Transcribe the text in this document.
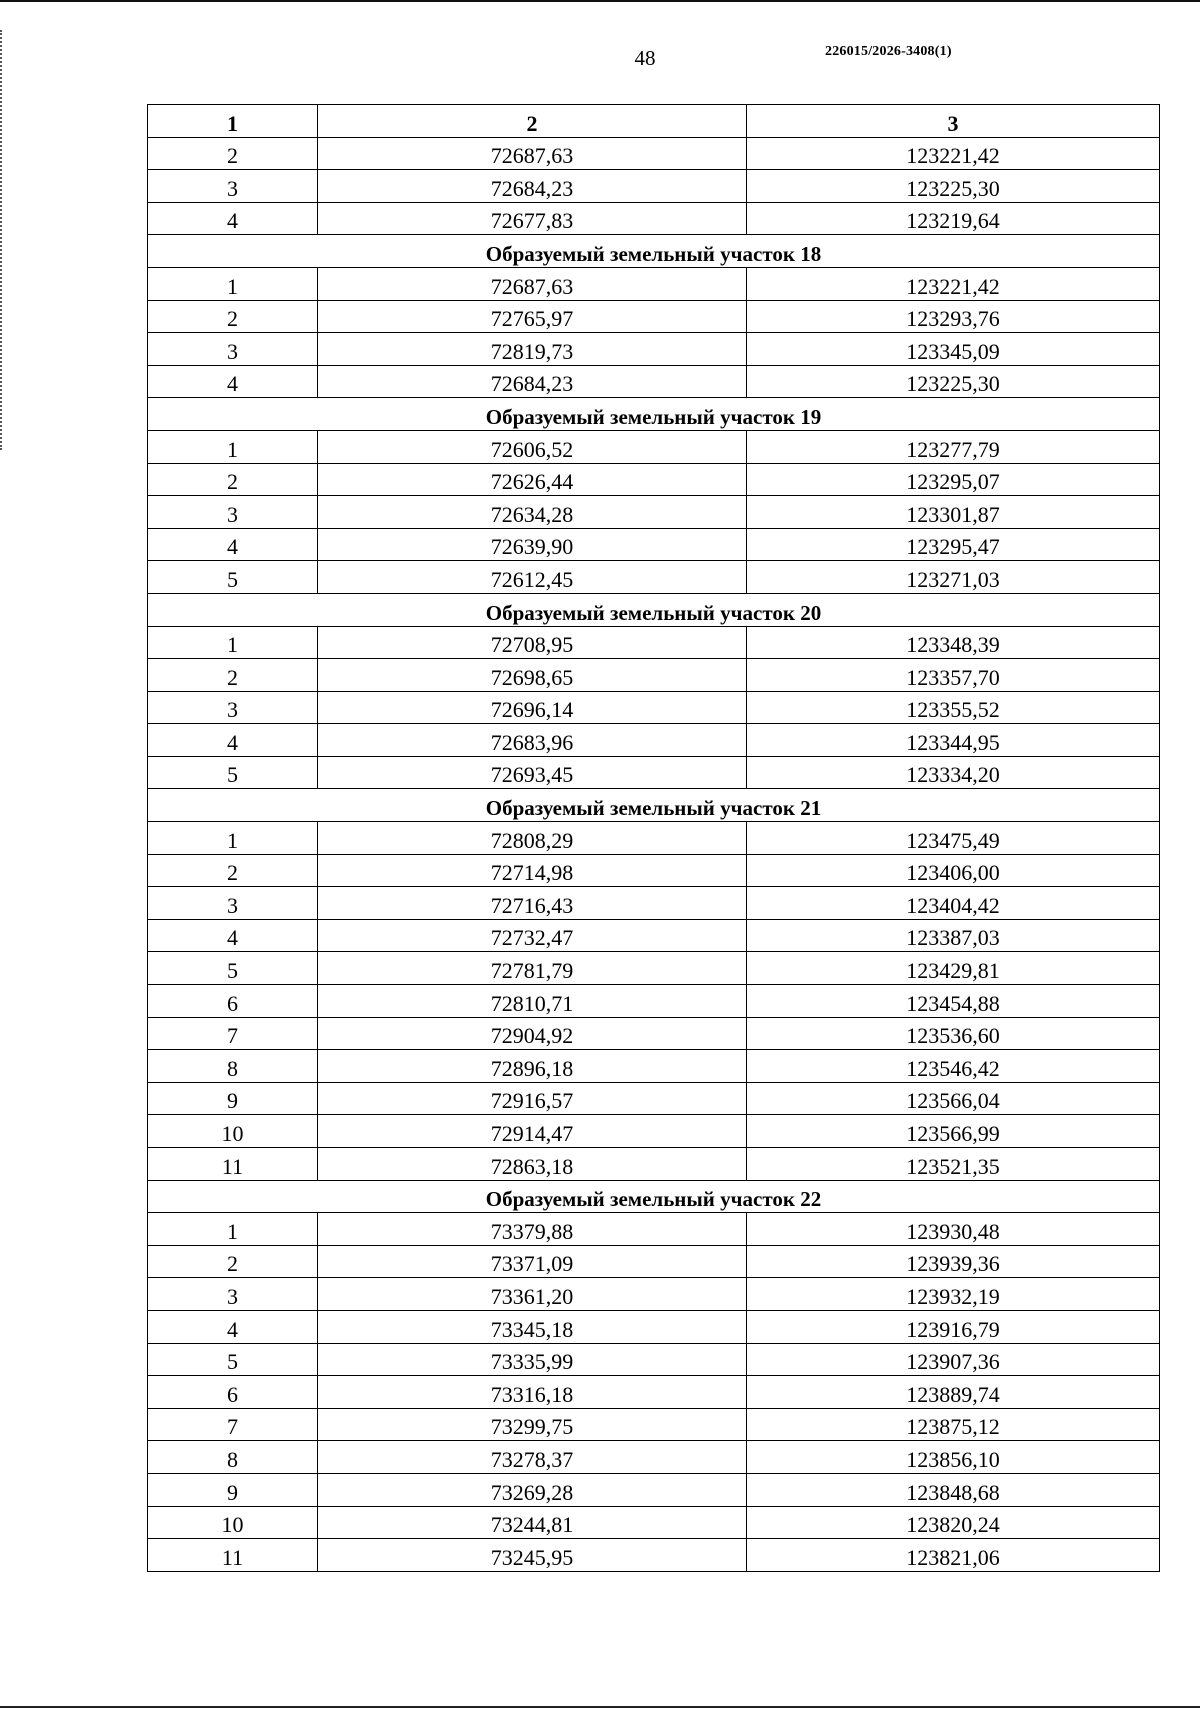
48	226015/2026-3408(1)
1	2	3
2	72687,63	123221,42
3	72684,23	123225,30
4	72677,83	123219,64
Образуемый земельный участок 18		
1	72687,63	123221,42
2	72765,97	123293,76
3	72819,73	123345,09
4	72684,23	123225,30
Образуемый земельный участок 19		
1	72606,52	123277,79
2	72626,44	123295,07
3	72634,28	123301,87
4	72639,90	123295,47
5	72612,45	123271,03
Образуемый земельный участок 20		
1	72708,95	123348,39
2	72698,65	123357,70
3	72696,14	123355,52
4	72683,96	123344,95
5	72693,45	123334,20
Образуемый земельный участок 21		
1	72808,29	123475,49
2	72714,98	123406,00
3	72716,43	123404,42
4	72732,47	123387,03
5	72781,79	123429,81
6	72810,71	123454,88
7	72904,92	123536,60
8	72896,18	123546,42
9	72916,57	123566,04
10	72914,47	123566,99
11	72863,18	123521,35
Образуемый земельный участок 22		
1	73379,88	123930,48
2	73371,09	123939,36
3	73361,20	123932,19
4	73345,18	123916,79
5	73335,99	123907,36
6	73316,18	123889,74
7	73299,75	123875,12
8	73278,37	123856,10
9	73269,28	123848,68
10	73244,81	123820,24
11	73245,95	123821,06
